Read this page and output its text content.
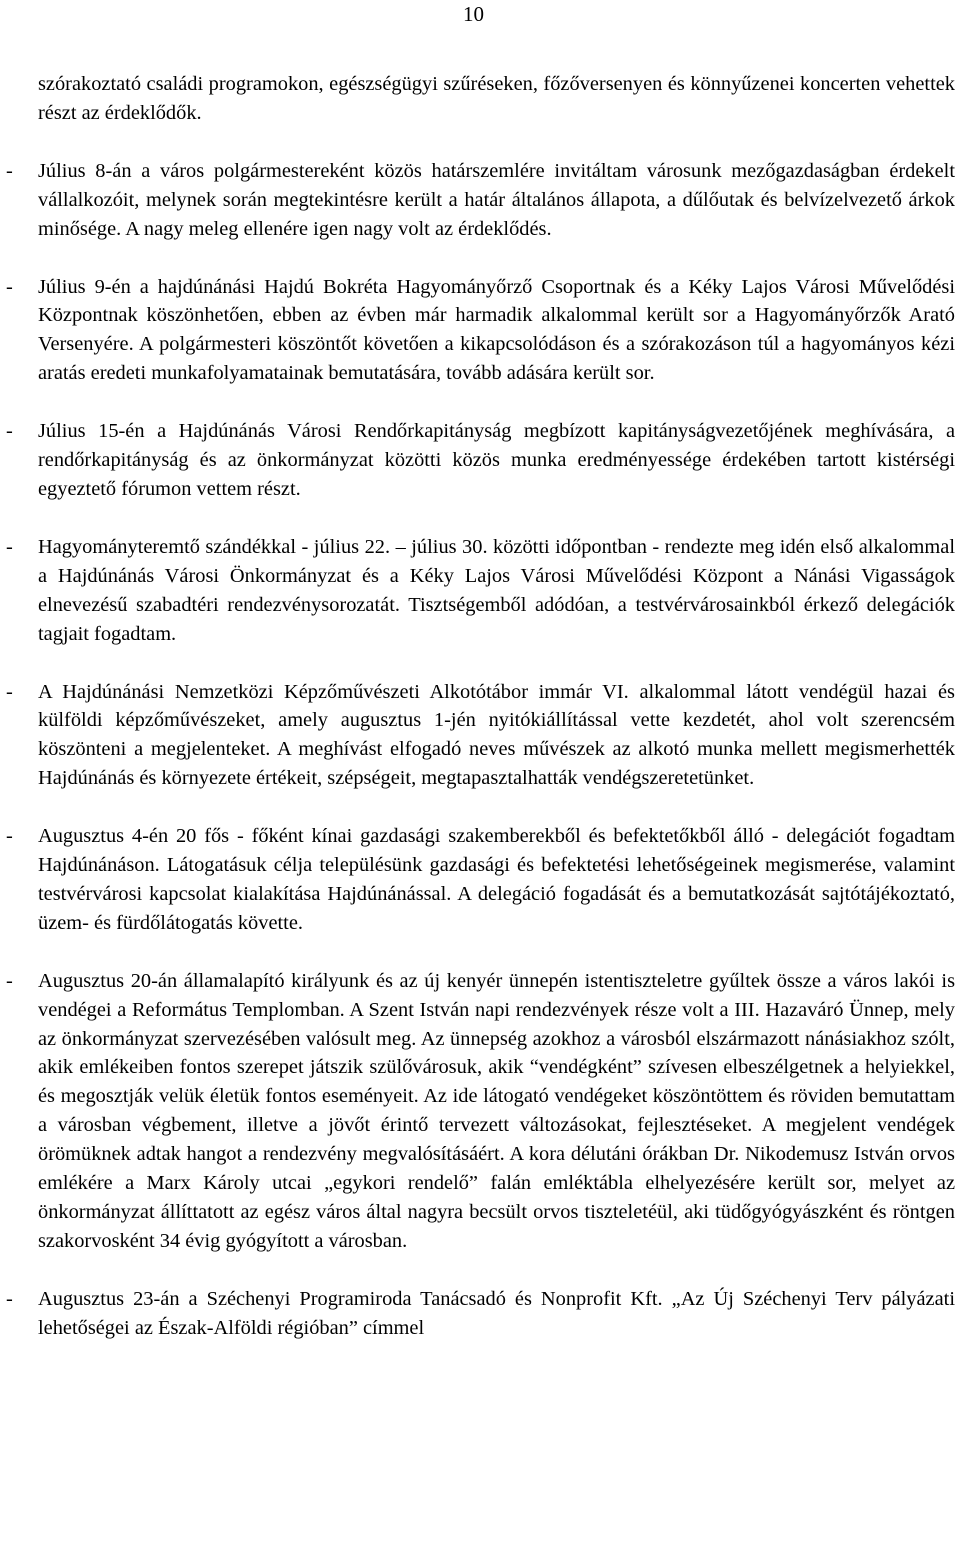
10

szórakoztató családi programokon, egészségügyi szűréseken, főzőversenyen és könnyűzenei koncerten vehettek részt az érdeklődők.

- Július 8-án a város polgármestereként közös határszemlére invitáltam városunk mezőgazdaságban érdekelt vállalkozóit, melynek során megtekintésre került a határ általános állapota, a dűlőutak és belvízelvezető árkok minősége. A nagy meleg ellenére igen nagy volt az érdeklődés.

- Július 9-én a hajdúnánási Hajdú Bokréta Hagyományőrző Csoportnak és a Kéky Lajos Városi Művelődési Központnak köszönhetően, ebben az évben már harmadik alkalommal került sor a Hagyományőrzők Arató Versenyére. A polgármesteri köszöntőt követően a kikapcsolódáson és a szórakozáson túl a hagyományos kézi aratás eredeti munkafolyamatainak bemutatására, tovább adására került sor.

- Július 15-én a Hajdúnánás Városi Rendőrkapitányság megbízott kapitányságvezetőjének meghívására, a rendőrkapitányság és az önkormányzat közötti közös munka eredményessége érdekében tartott kistérségi egyeztető fórumon vettem részt.

- Hagyományteremtő szándékkal - július 22. – július 30. közötti időpontban - rendezte meg idén első alkalommal a Hajdúnánás Városi Önkormányzat és a Kéky Lajos Városi Művelődési Központ a Nánási Vigasságok elnevezésű szabadtéri rendezvénysorozatát. Tisztségemből adódóan, a testvérvárosainkból érkező delegációk tagjait fogadtam.

- A Hajdúnánási Nemzetközi Képzőművészeti Alkotótábor immár VI. alkalommal látott vendégül hazai és külföldi képzőművészeket, amely augusztus 1-jén nyitókiállítással vette kezdetét, ahol volt szerencsém köszönteni a megjelenteket. A meghívást elfogadó neves művészek az alkotó munka mellett megismerhették Hajdúnánás és környezete értékeit, szépségeit, megtapasztalhatták vendégszeretetünket.

- Augusztus 4-én 20 fős - főként kínai gazdasági szakemberekből és befektetőkből álló - delegációt fogadtam Hajdúnánáson. Látogatásuk célja településünk gazdasági és befektetési lehetőségeinek megismerése, valamint testvérvárosi kapcsolat kialakítása Hajdúnánással. A delegáció fogadását és a bemutatkozását sajtótájékoztató, üzem- és fürdőlátogatás követte.

- Augusztus 20-án államalapító királyunk és az új kenyér ünnepén istentiszteletre gyűltek össze a város lakói is vendégei a Református Templomban. A Szent István napi rendezvények része volt a III. Hazaváró Ünnep, mely az önkormányzat szervezésében valósult meg. Az ünnepség azokhoz a városból elszármazott nánásiakhoz szólt, akik emlékeiben fontos szerepet játszik szülővárosuk, akik “vendégként” szívesen elbeszélgetnek a helyiekkel, és megosztják velük életük fontos eseményeit. Az ide látogató vendégeket köszöntöttem és röviden bemutattam a városban végbement, illetve a jövőt érintő tervezett változásokat, fejlesztéseket. A megjelent vendégek örömüknek adtak hangot a rendezvény megvalósításáért. A kora délutáni órákban Dr. Nikodemusz István orvos emlékére a Marx Károly utcai „egykori rendelő” falán emléktábla elhelyezésére került sor, melyet az önkormányzat állíttatott az egész város által nagyra becsült orvos tiszteletéül, aki tüdőgyógyászként és röntgen szakorvosként 34 évig gyógyított a városban.

- Augusztus 23-án a Széchenyi Programiroda Tanácsadó és Nonprofit Kft. „Az Új Széchenyi Terv pályázati lehetőségei az Észak-Alföldi régióban” címmel
